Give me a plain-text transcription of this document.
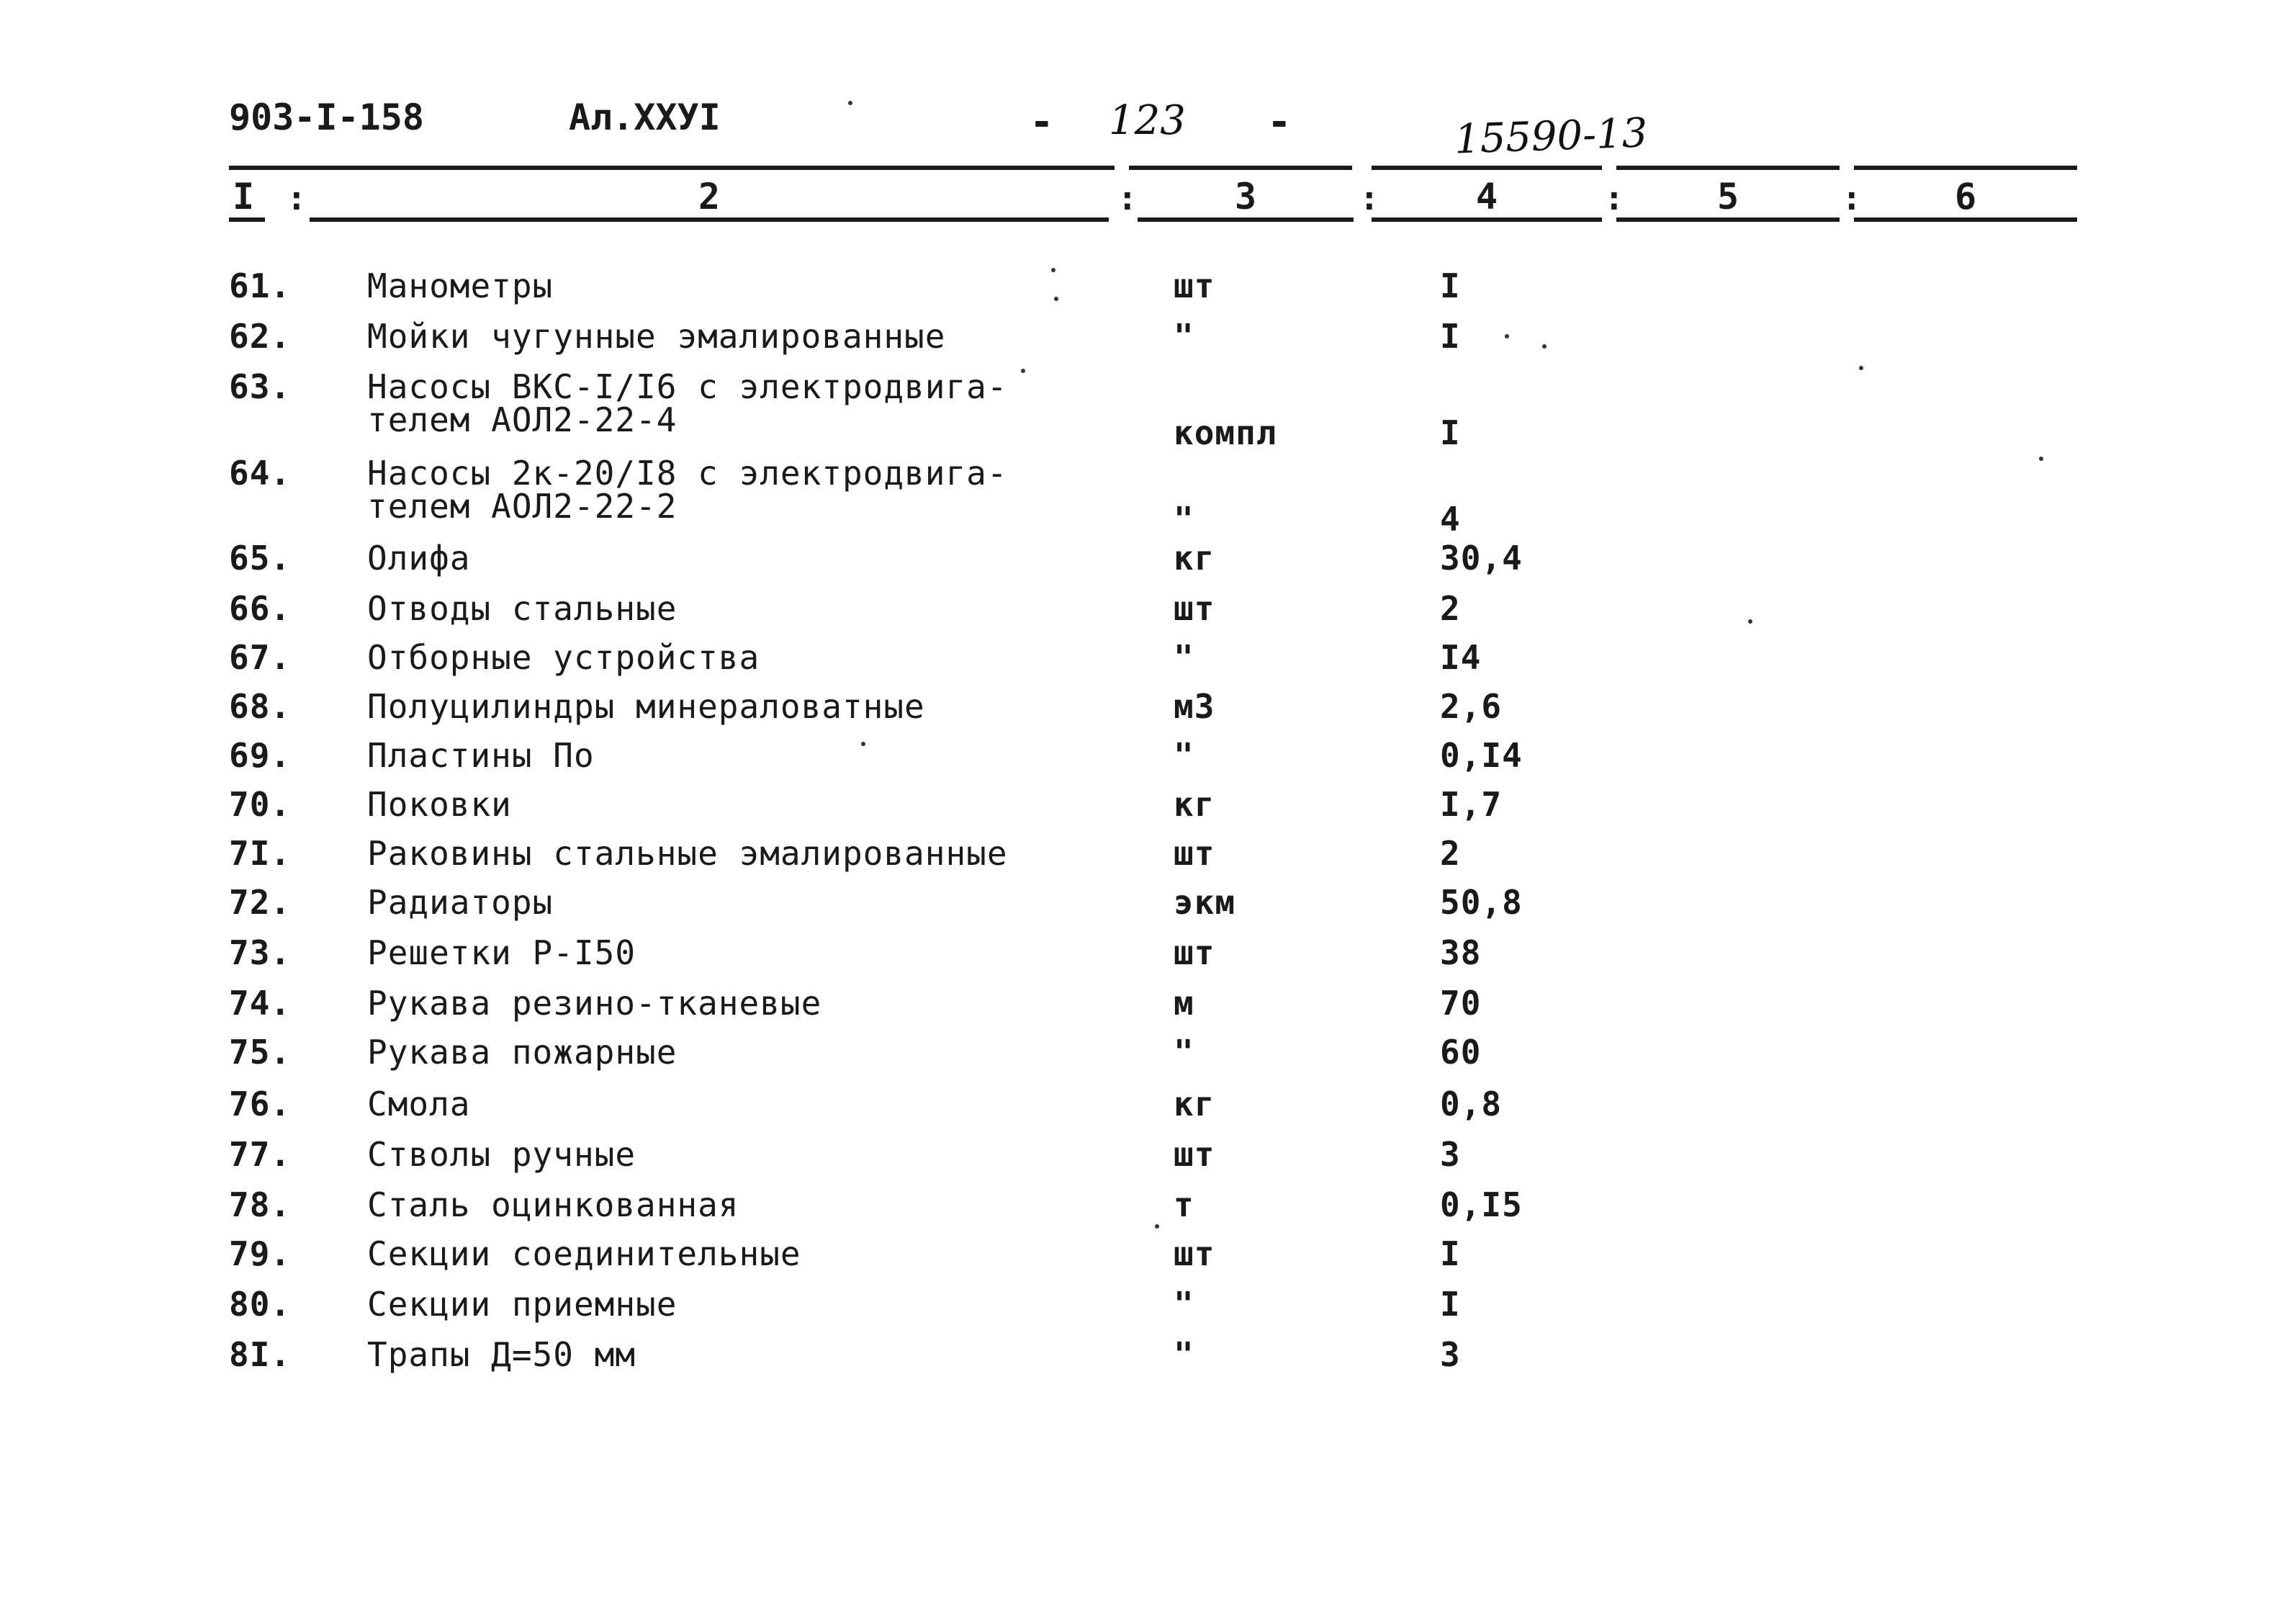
903-I-158	Ал.XXУI	- 123 -	15590-13
I :	2	:	3	:	4	:	5	:	6
61. Манометры	шт	I
62. Мойки чугунные эмалированные	"	I
63. Насосы ВКС-I/I6 с электродвига-
телем АОЛ2-22-4	компл	I
64. Насосы 2к-20/I8 с электродвига-
телем АОЛ2-22-2	"	4
65. Олифа	кг	30,4
66. Отводы стальные	шт	2
67. Отборные устройства	"	I4
68. Полуцилиндры минераловатные	м3	2,6
69. Пластины По	"	0,I4
70. Поковки	кг	I,7
7I. Раковины стальные эмалированные	шт	2
72. Радиаторы	экм	50,8
73. Решетки Р-I50	шт	38
74. Рукава резино-тканевые	м	70
75. Рукава пожарные	"	60
76. Смола	кг	0,8
77. Стволы ручные	шт	3
78. Сталь оцинкованная	т	0,I5
79. Секции соединительные	шт	I
80. Секции приемные	"	I
8I. Трапы Д=50 мм	"	3
